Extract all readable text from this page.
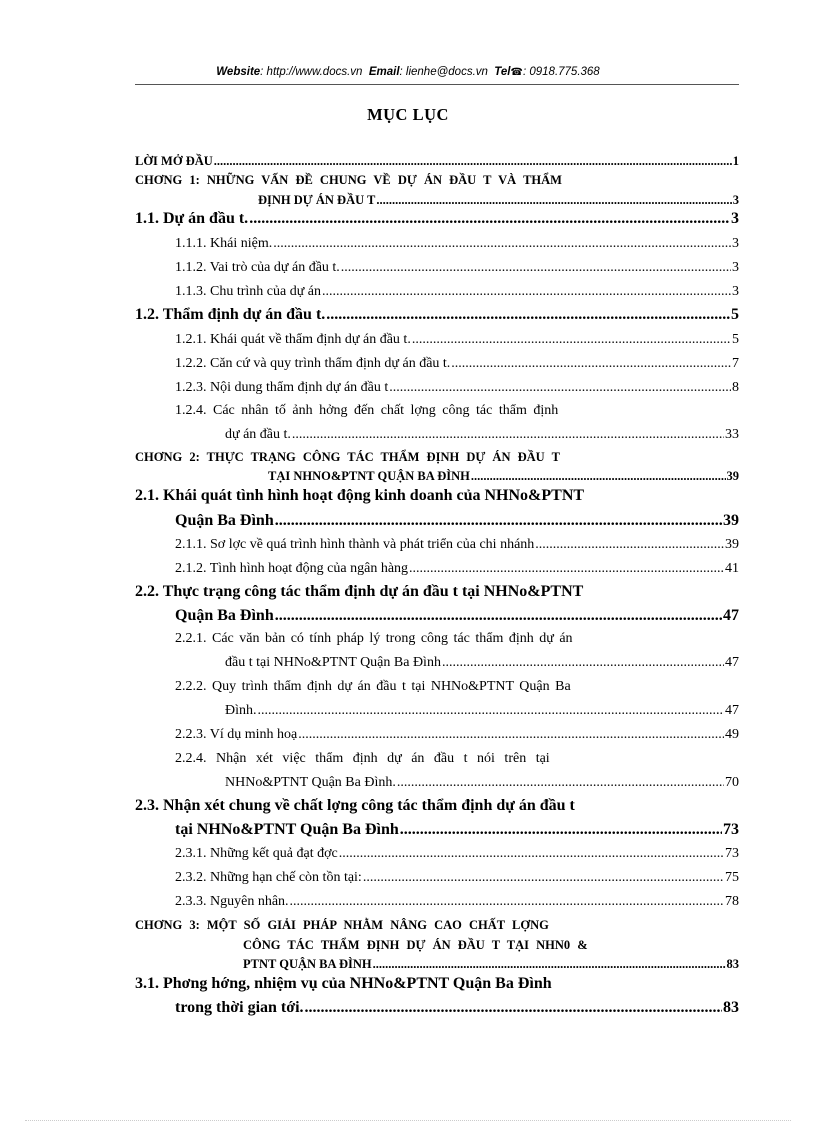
Website: http://www.docs.vn Email: lienhe@docs.vn Tel☎: 0918.775.368
MỤC LỤC
LỜI MỞ ĐẦU .....	1
CHƠNG 1: NHỮNG VẤN ĐỀ CHUNG VỀ DỰ ÁN ĐẦU T VÀ THẨM
ĐỊNH DỰ ÁN ĐẦU T .....	3
1.1. Dự án đầu t. .....	3
1.1.1. Khái niệm. .....	3
1.1.2. Vai trò của dự án đầu t. .....	3
1.1.3. Chu trình của dự án .....	3
1.2. Thẩm định dự án đầu t. .....	5
1.2.1. Khái quát về thẩm định dự án đầu t. .....	5
1.2.2. Căn cứ và quy trình thẩm định dự án đầu t. .....	7
1.2.3. Nội dung thẩm định dự án đầu t .....	8
1.2.4. Các nhân tố ảnh hởng đến chất lợng công tác thẩm định
dự án đầu t. .....	33
CHƠNG 2: THỰC TRẠNG CÔNG TÁC THẨM ĐỊNH DỰ ÁN ĐẦU T
TẠI NHNO&PTNT QUẬN BA ĐÌNH .....	39
2.1. Khái quát tình hình hoạt động kinh doanh của NHNo&PTNT
Quận Ba Đình .....	39
2.1.1. Sơ lợc về quá trình hình thành và phát triển của chi nhánh .....	39
2.1.2. Tình hình hoạt động của ngân hàng .....	41
2.2. Thực trạng công tác thẩm định dự án đầu t tại NHNo&PTNT
Quận Ba Đình .....	47
2.2.1. Các văn bản có tính pháp lý trong công tác thẩm định dự án
đầu t tại NHNo&PTNT Quận Ba Đình .....	47
2.2.2. Quy trình thẩm định dự án đầu t tại NHNo&PTNT Quận Ba
Đình. .....	47
2.2.3. Ví dụ minh hoạ .....	49
2.2.4. Nhận xét việc thẩm định dự án đầu t nói trên tại
NHNo&PTNT Quận Ba Đình. .....	70
2.3. Nhận xét chung về chất lợng công tác thẩm định dự án đầu t
tại NHNo&PTNT Quận Ba Đình .....	73
2.3.1. Những kết quả đạt đợc .....	73
2.3.2. Những hạn chế còn tồn tại: .....	75
2.3.3. Nguyên nhân. .....	78
CHƠNG 3: MỘT SỐ GIẢI PHÁP NHẰM NÂNG CAO CHẤT LỢNG
CÔNG TÁC THẨM ĐỊNH DỰ ÁN ĐẦU T TẠI NHN0 &
PTNT QUẬN BA ĐÌNH .....	83
3.1. Phơng hớng, nhiệm vụ của NHNo&PTNT Quận Ba Đình
trong thời gian tới. .....	83
